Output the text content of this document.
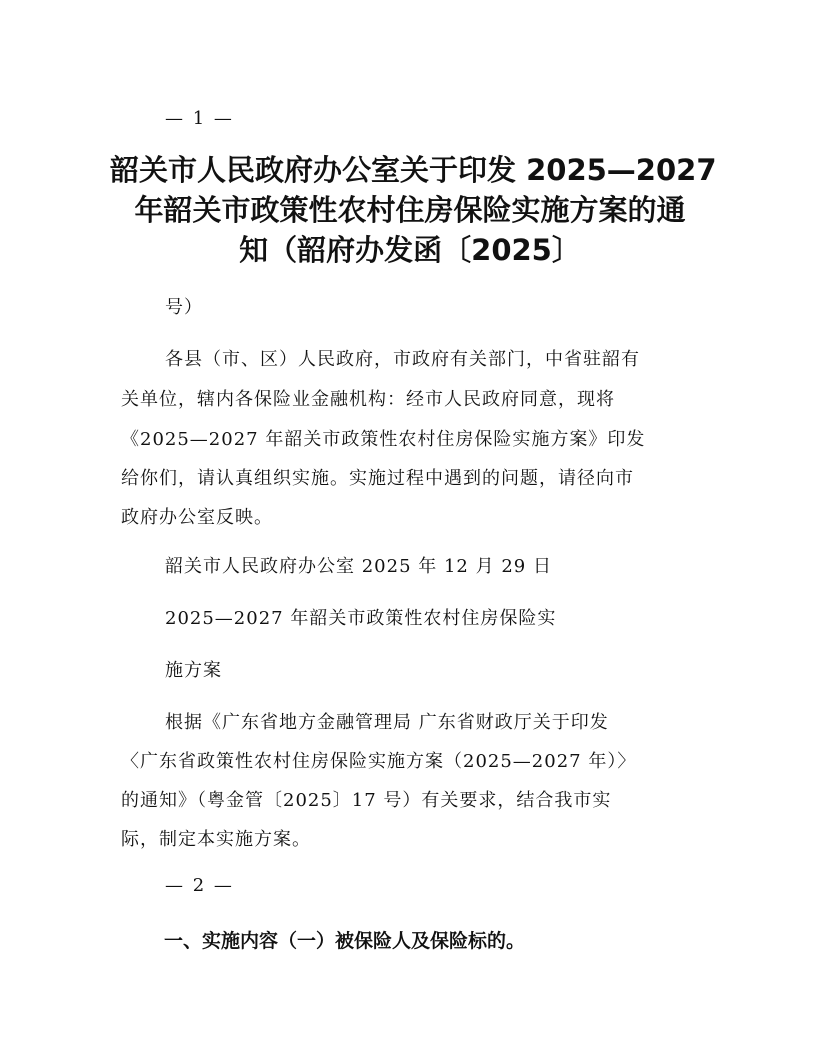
— 1 —

韶关市人民政府办公室关于印发 2025—2027
年韶关市政策性农村住房保险实施方案的通
知（韶府办发函〔2025〕

号）

各县（市、区）人民政府，市政府有关部门，中省驻韶有

关单位，辖内各保险业金融机构：经市人民政府同意，现将

《2025—2027 年韶关市政策性农村住房保险实施方案》印发

给你们，请认真组织实施。实施过程中遇到的问题，请径向市

政府办公室反映。

韶关市人民政府办公室 2025 年 12 月 29 日

2025—2027 年韶关市政策性农村住房保险实

施方案

根据《广东省地方金融管理局 广东省财政厅关于印发

〈广东省政策性农村住房保险实施方案（2025—2027 年）〉

的通知》（粤金管〔2025〕17 号）有关要求，结合我市实

际，制定本实施方案。

— 2 —

一、实施内容（一）被保险人及保险标的。
